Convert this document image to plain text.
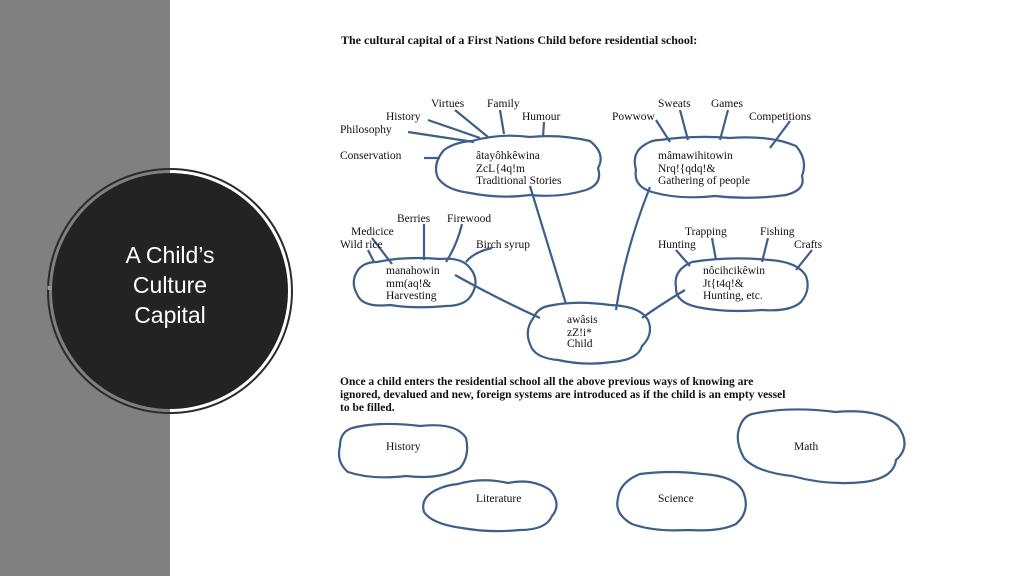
A Child’s
Culture
Capital
▪
The cultural capital of a First Nations Child before residential school:
Virtues Family
History	Humour
Philosophy
Conservation	âtayôhkêwina
ZcL{4q!m
Traditional Stories
Sweats Games
Powwow	Competitions
mâmawihitowin
Nrq!{qdq!&
Gathering of people
Berries Firewood
Medicice
Wild rice	Birch syrup
manahowin
mm(aq!&
Harvesting
Trapping	Fishing
Hunting	Crafts
nôcihcikêwin
Jt{t4q!&
Hunting, etc.
awâsis
zZ!i*
Child
Once a child enters the residential school all the above previous ways of knowing are
ignored, devalued and new, foreign systems are introduced as if the child is an empty vessel
to be filled.
History	Math
Literature	Science
